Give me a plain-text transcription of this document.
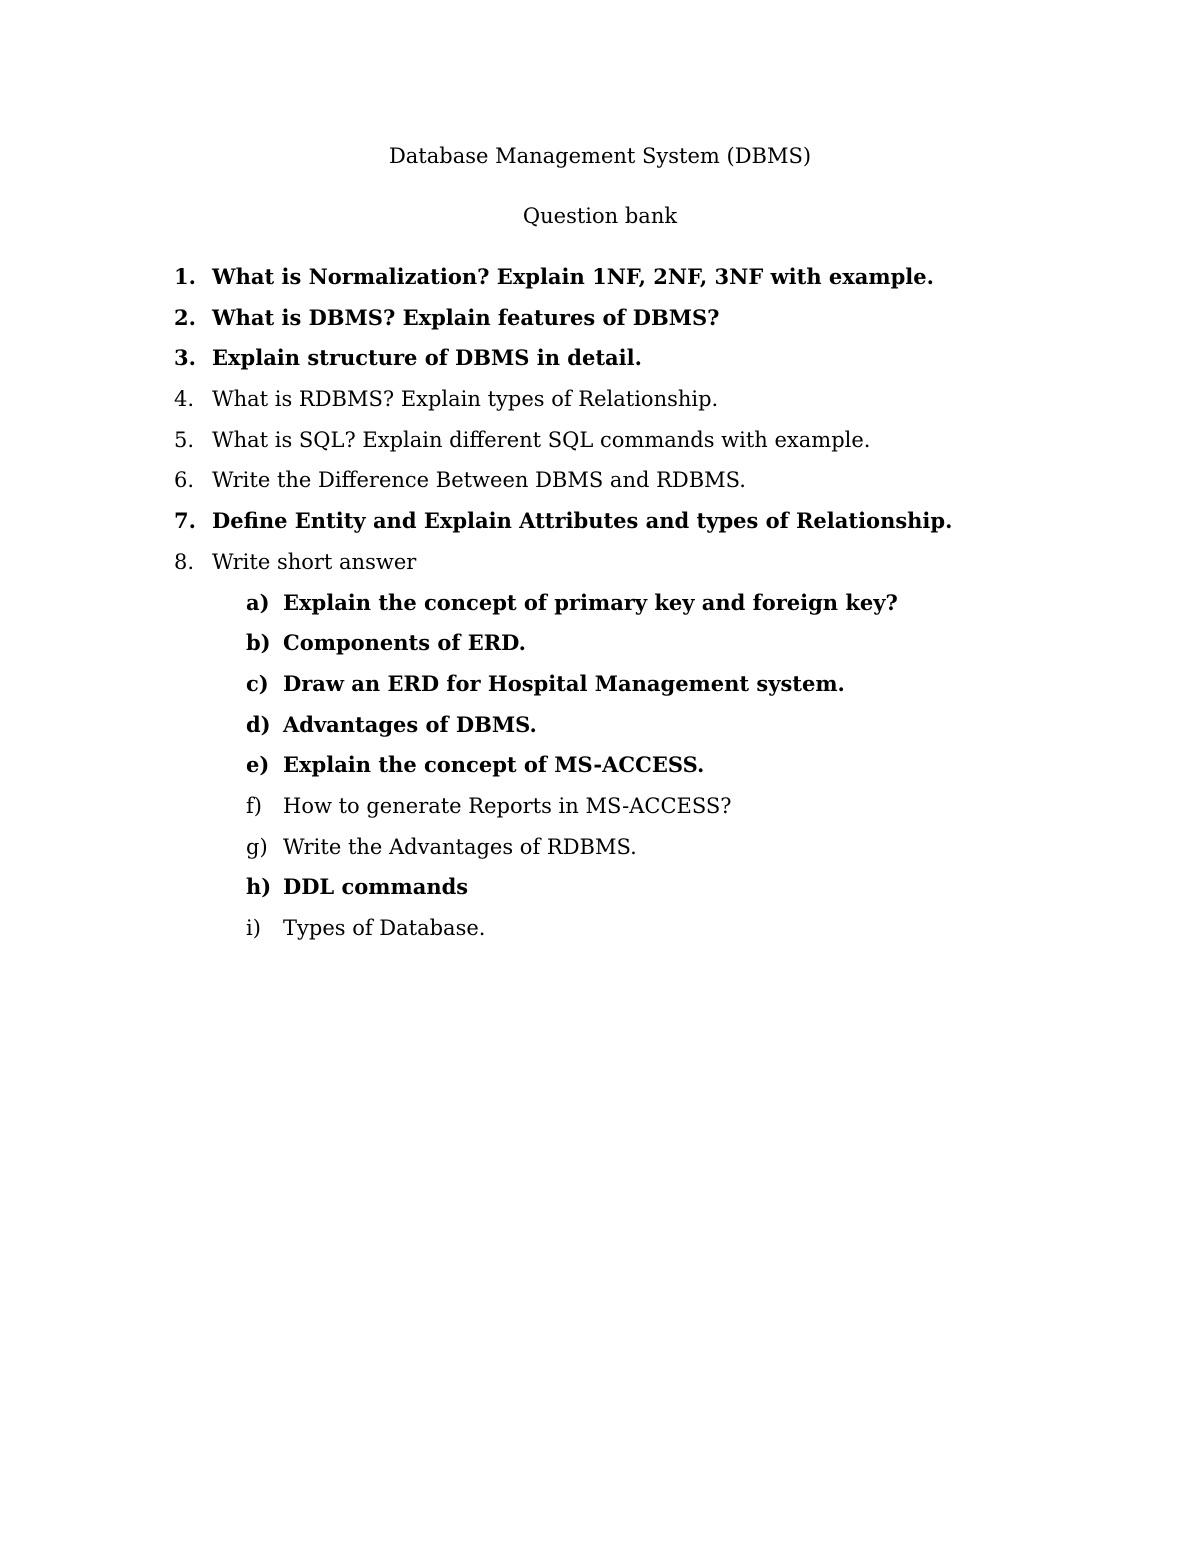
Database Management System (DBMS)
Question bank
1. What is Normalization? Explain 1NF, 2NF, 3NF with example.
2. What is DBMS? Explain features of DBMS?
3. Explain structure of DBMS in detail.
4. What is RDBMS? Explain types of Relationship.
5. What is SQL? Explain different SQL commands with example.
6. Write the Difference Between DBMS and RDBMS.
7. Define Entity and Explain Attributes and types of Relationship.
8. Write short answer
a) Explain the concept of primary key and foreign key?
b) Components of ERD.
c) Draw an ERD for Hospital Management system.
d) Advantages of DBMS.
e) Explain the concept of MS-ACCESS.
f)	How to generate Reports in MS-ACCESS?
g) Write the Advantages of RDBMS.
h) DDL commands
i)	Types of Database.
